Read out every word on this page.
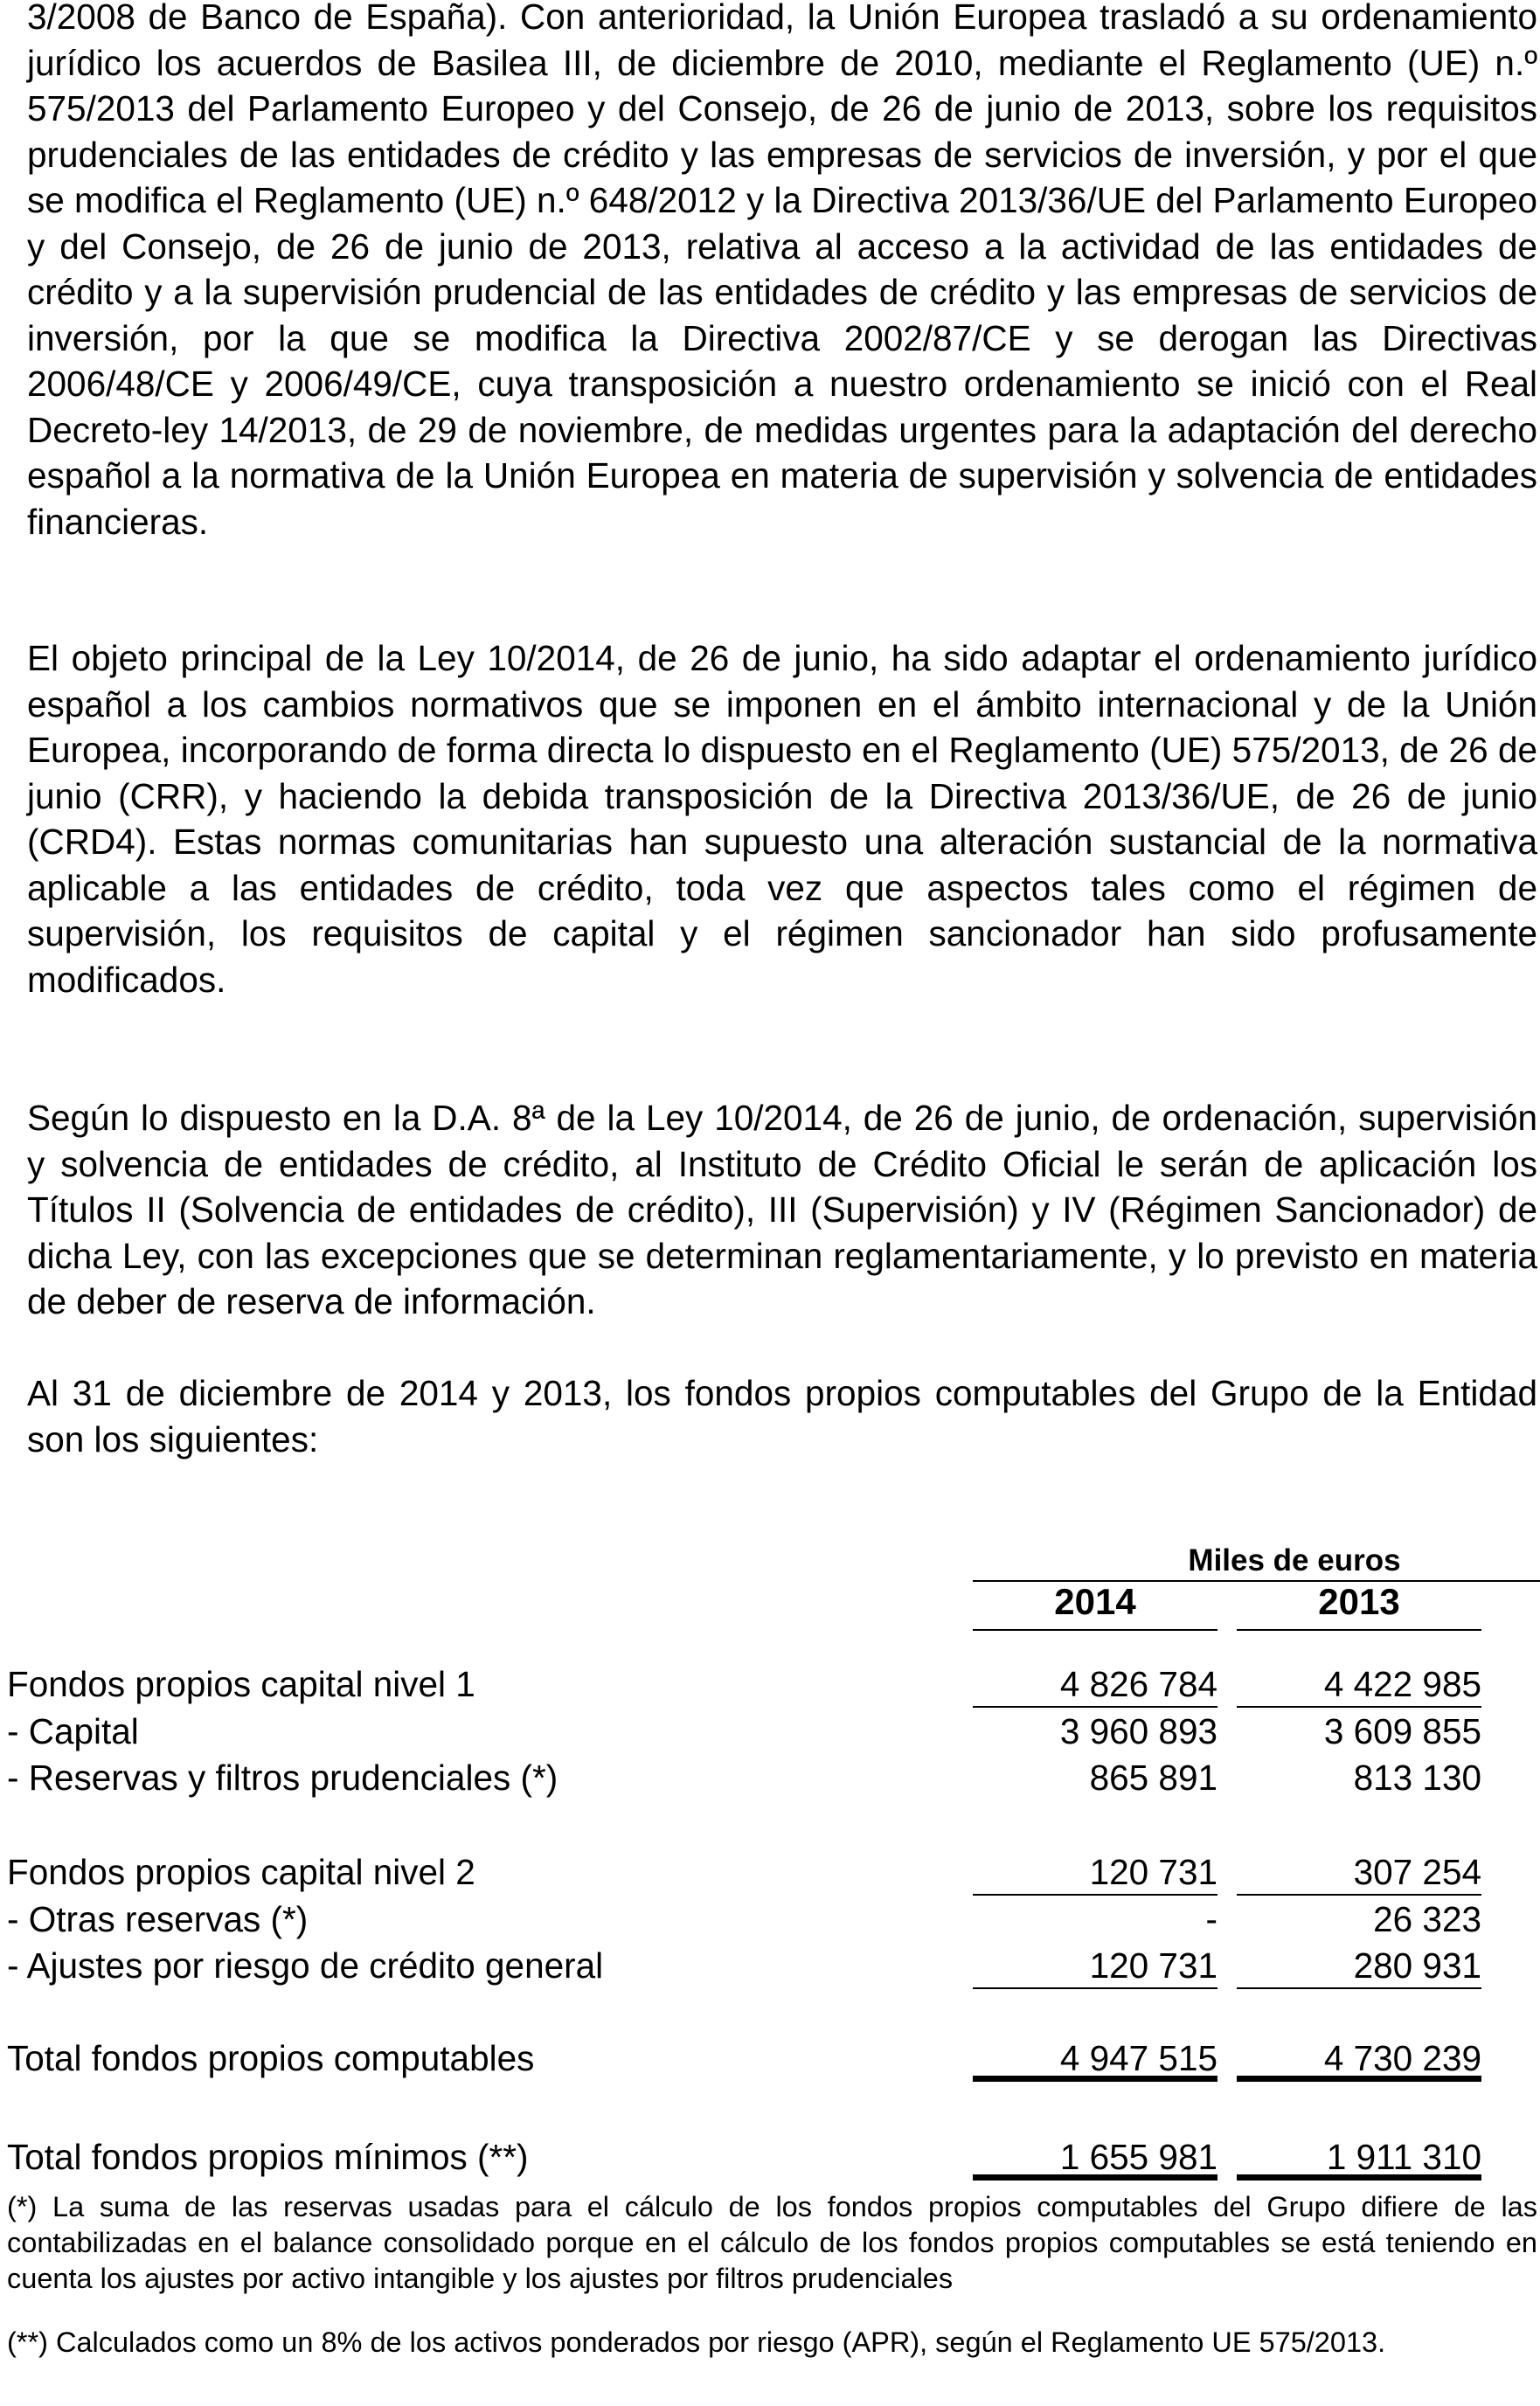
3/2008 de Banco de España). Con anterioridad, la Unión Europea trasladó a su ordenamiento jurídico los acuerdos de Basilea III, de diciembre de 2010, mediante el Reglamento (UE) n.º 575/2013 del Parlamento Europeo y del Consejo, de 26 de junio de 2013, sobre los requisitos prudenciales de las entidades de crédito y las empresas de servicios de inversión, y por el que se modifica el Reglamento (UE) n.º 648/2012 y la Directiva 2013/36/UE del Parlamento Europeo y del Consejo, de 26 de junio de 2013, relativa al acceso a la actividad de las entidades de crédito y a la supervisión prudencial de las entidades de crédito y las empresas de servicios de inversión, por la que se modifica la Directiva 2002/87/CE y se derogan las Directivas 2006/48/CE y 2006/49/CE, cuya transposición a nuestro ordenamiento se inició con el Real Decreto-ley 14/2013, de 29 de noviembre, de medidas urgentes para la adaptación del derecho español a la normativa de la Unión Europea en materia de supervisión y solvencia de entidades financieras.

El objeto principal de la Ley 10/2014, de 26 de junio, ha sido adaptar el ordenamiento jurídico español a los cambios normativos que se imponen en el ámbito internacional y de la Unión Europea, incorporando de forma directa lo dispuesto en el Reglamento (UE) 575/2013, de 26 de junio (CRR), y haciendo la debida transposición de la Directiva 2013/36/UE, de 26 de junio (CRD4). Estas normas comunitarias han supuesto una alteración sustancial de la normativa aplicable a las entidades de crédito, toda vez que aspectos tales como el régimen de supervisión, los requisitos de capital y el régimen sancionador han sido profusamente modificados.

Según lo dispuesto en la D.A. 8ª de la Ley 10/2014, de 26 de junio, de ordenación, supervisión y solvencia de entidades de crédito, al Instituto de Crédito Oficial le serán de aplicación los Títulos II (Solvencia de entidades de crédito), III (Supervisión) y IV (Régimen Sancionador) de dicha Ley, con las excepciones que se determinan reglamentariamente, y lo previsto en materia de deber de reserva de información.

Al 31 de diciembre de 2014 y 2013, los fondos propios computables del Grupo de la Entidad son los siguientes:

Miles de euros
2014	2013
Fondos propios capital nivel 1	4 826 784	4 422 985
- Capital	3 960 893	3 609 855
- Reservas y filtros prudenciales (*)	865 891	813 130
Fondos propios capital nivel 2	120 731	307 254
- Otras reservas (*)	-	26 323
- Ajustes por riesgo de crédito general	120 731	280 931
Total fondos propios computables	4 947 515	4 730 239
Total fondos propios mínimos (**)	1 655 981	1 911 310

(*) La suma de las reservas usadas para el cálculo de los fondos propios computables del Grupo difiere de las contabilizadas en el balance consolidado porque en el cálculo de los fondos propios computables se está teniendo en cuenta los ajustes por activo intangible y los ajustes por filtros prudenciales

(**) Calculados como un 8% de los activos ponderados por riesgo (APR), según el Reglamento UE 575/2013.
